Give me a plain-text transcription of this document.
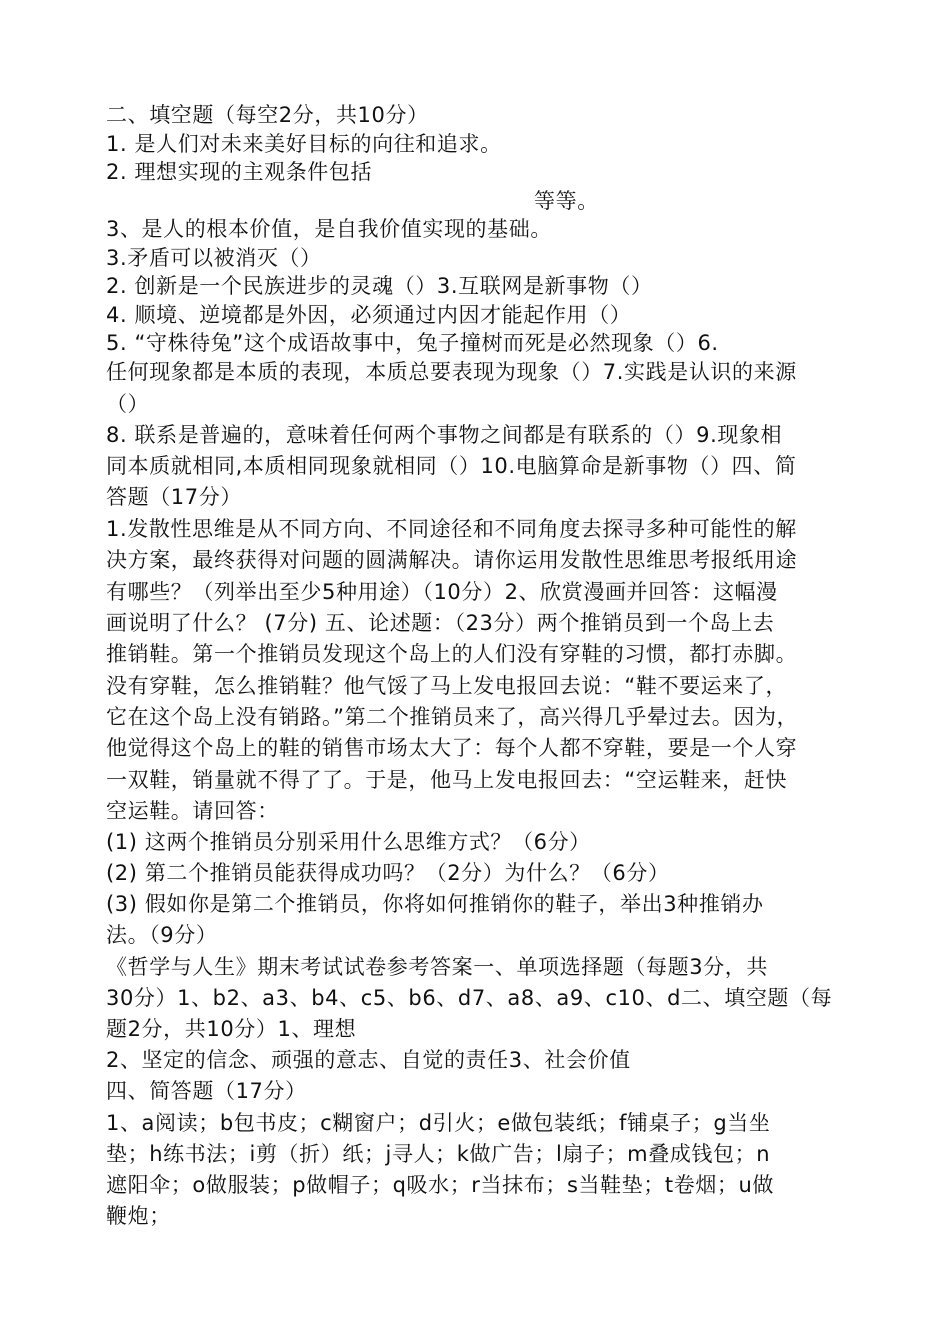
二、填空题（每空2分，共10分）
1. 是人们对未来美好目标的向往和追求。
2. 理想实现的主观条件包括
等等。
3、是人的根本价值，是自我价值实现的基础。
3.矛盾可以被消灭（）
2. 创新是一个民族进步的灵魂（）3.互联网是新事物（）
4. 顺境、逆境都是外因，必须通过内因才能起作用（）
5. “守株待兔”这个成语故事中，兔子撞树而死是必然现象（）6.
任何现象都是本质的表现，本质总要表现为现象（）7.实践是认识的来源
（）
8. 联系是普遍的，意味着任何两个事物之间都是有联系的（）9.现象相
同本质就相同,本质相同现象就相同（）10.电脑算命是新事物（）四、简
答题（17分）
1.发散性思维是从不同方向、不同途径和不同角度去探寻多种可能性的解
决方案，最终获得对问题的圆满解决。请你运用发散性思维思考报纸用途
有哪些？（列举出至少5种用途）（10分）2、欣赏漫画并回答：这幅漫
画说明了什么？ (7分) 五、论述题：（23分）两个推销员到一个岛上去
推销鞋。第一个推销员发现这个岛上的人们没有穿鞋的习惯，都打赤脚。
没有穿鞋，怎么推销鞋？他气馁了马上发电报回去说：“鞋不要运来了，
它在这个岛上没有销路。”第二个推销员来了，高兴得几乎晕过去。因为，
他觉得这个岛上的鞋的销售市场太大了：每个人都不穿鞋，要是一个人穿
一双鞋，销量就不得了了。于是，他马上发电报回去：“空运鞋来，赶快
空运鞋。请回答：
(1) 这两个推销员分别采用什么思维方式？（6分）
(2) 第二个推销员能获得成功吗？（2分）为什么？（6分）
(3) 假如你是第二个推销员，你将如何推销你的鞋子，举出3种推销办
法。（9分）
《哲学与人生》期末考试试卷参考答案一、单项选择题（每题3分，共
30分）1、b2、a3、b4、c5、b6、d7、a8、a9、c10、d二、填空题（每
题2分，共10分）1、理想
2、坚定的信念、顽强的意志、自觉的责任3、社会价值
四、简答题（17分）
1、a阅读；b包书皮；c糊窗户；d引火；e做包装纸；f铺桌子；g当坐
垫；h练书法；i剪（折）纸；j寻人；k做广告；l扇子；m叠成钱包；n
遮阳伞；o做服装；p做帽子；q吸水；r当抹布；s当鞋垫；t卷烟；u做
鞭炮；
